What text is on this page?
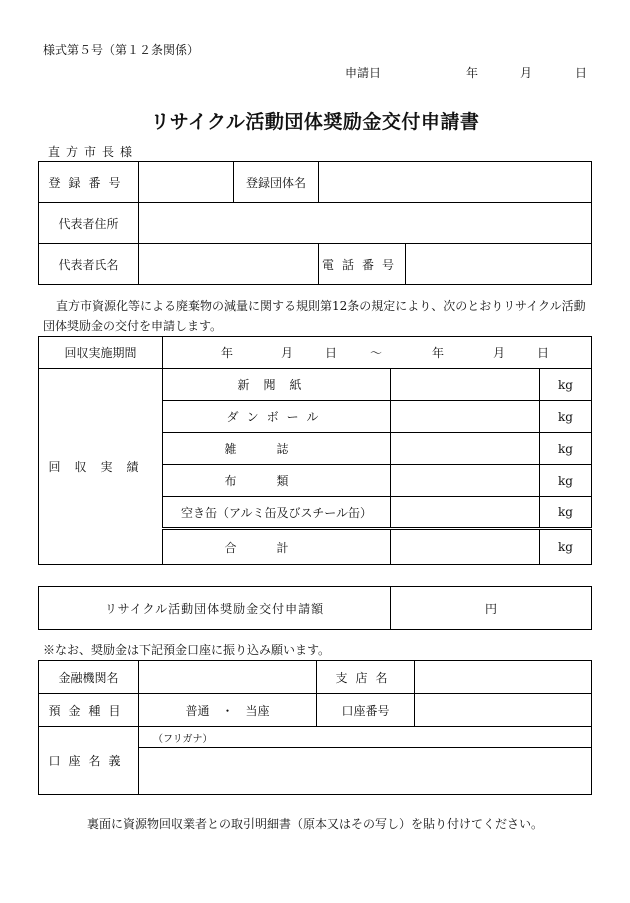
様式第５号（第１２条関係）
申請日	年	月	日
リサイクル活動団体奨励金交付申請書
直方市長様
登録番号		登録団体名		
代表者住所				
代表者氏名			電話番号	
直方市資源化等による廃棄物の減量に関する規則第12条の規定により、次のとおりリサイクル活動団体奨励金の交付を申請します。
回収実施期間	年 月 日 ～ 年 月 日		
回収実績	新聞紙		kg
	ダンボール		kg
	雑誌		kg
	布類		kg
	空き缶（アルミ缶及びスチール缶）		kg
	合計		kg
リサイクル活動団体奨励金交付申請額	円
※なお、奨励金は下記預金口座に振り込み願います。
金融機関名		支店名	
預金種目	普通　・　当座	口座番号	
口座名義	（フリガナ）		
裏面に資源物回収業者との取引明細書（原本又はその写し）を貼り付けてください。
